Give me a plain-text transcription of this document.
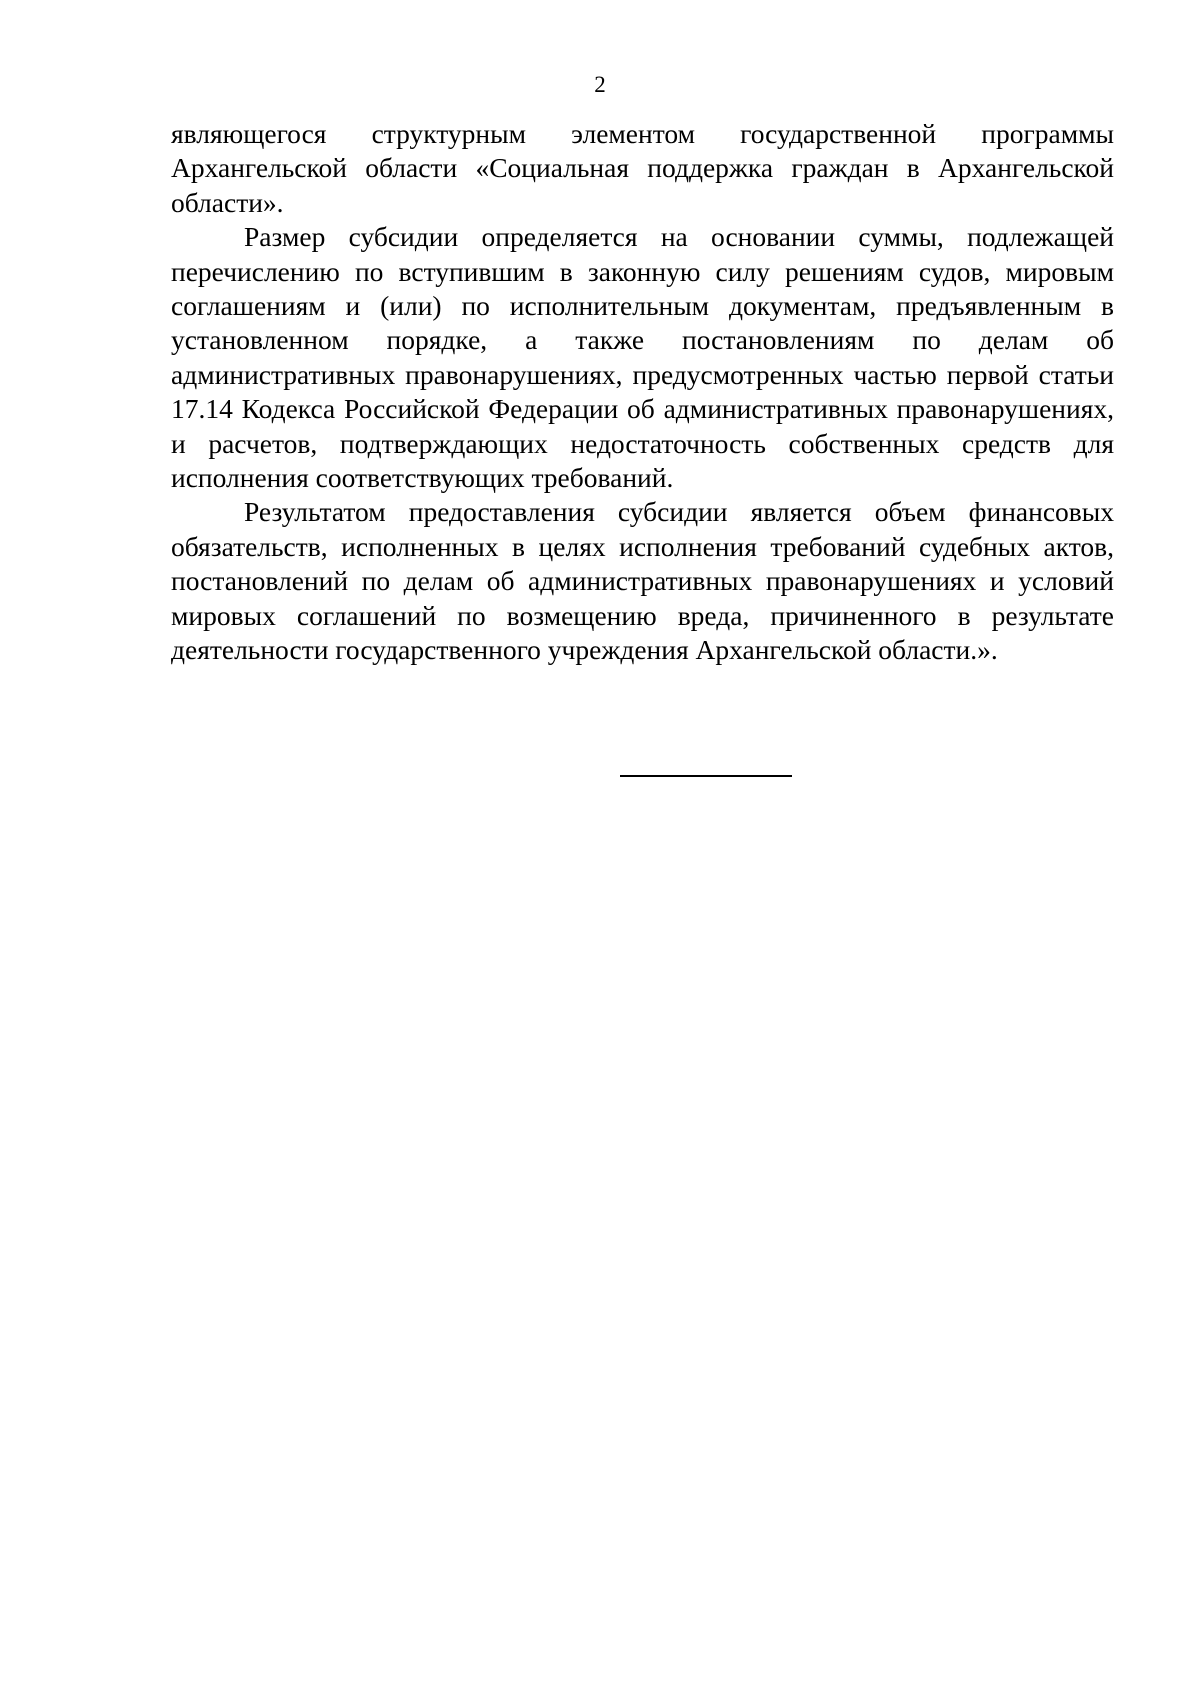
2

являющегося структурным элементом государственной программы Архангельской области «Социальная поддержка граждан в Архангельской области».

Размер субсидии определяется на основании суммы, подлежащей перечислению по вступившим в законную силу решениям судов, мировым соглашениям и (или) по исполнительным документам, предъявленным в установленном порядке, а также постановлениям по делам об административных правонарушениях, предусмотренных частью первой статьи 17.14 Кодекса Российской Федерации об административных правонарушениях, и расчетов, подтверждающих недостаточность собственных средств для исполнения соответствующих требований.

Результатом предоставления субсидии является объем финансовых обязательств, исполненных в целях исполнения требований судебных актов, постановлений по делам об административных правонарушениях и условий мировых соглашений по возмещению вреда, причиненного в результате деятельности государственного учреждения Архангельской области.».
